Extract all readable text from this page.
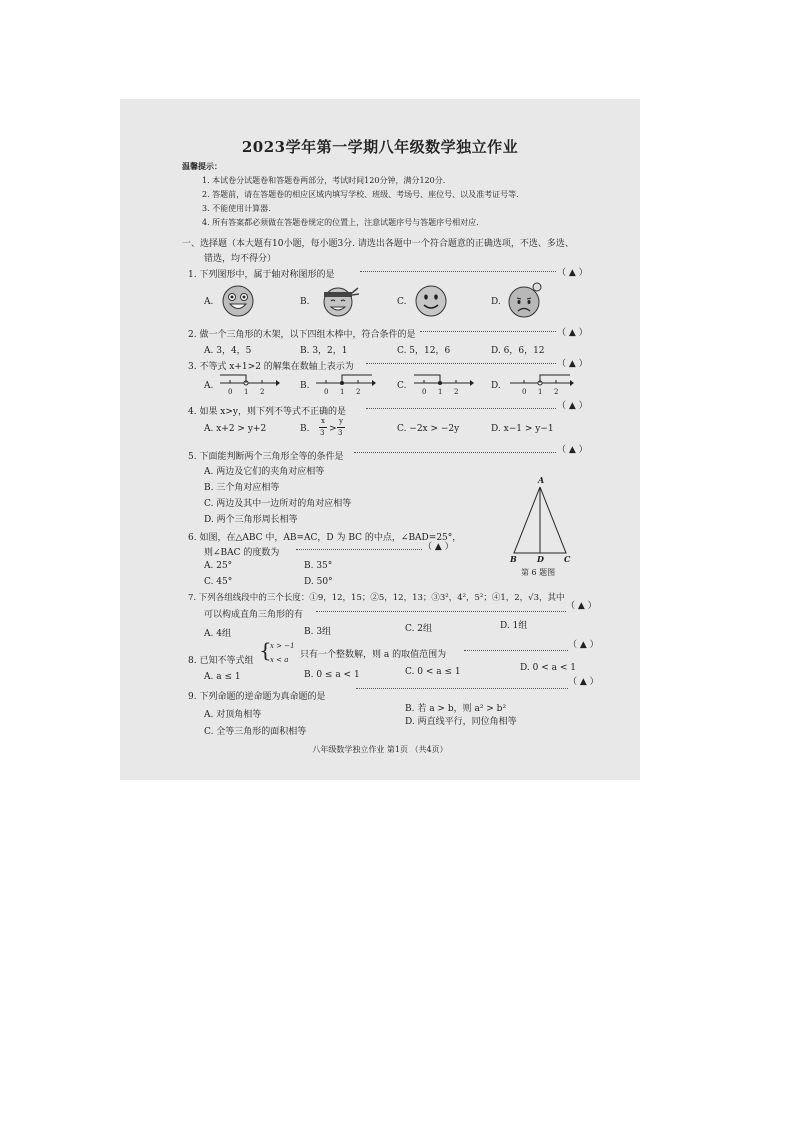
2023学年第一学期八年级数学独立作业
温馨提示：
1. 本试卷分试题卷和答题卷两部分，考试时间120分钟，满分120分.
2. 答题前，请在答题卷的相应区域内填写学校、班级、考场号、座位号、以及准考证号等.
3. 不能使用计算器.
4. 所有答案都必须做在答题卷规定的位置上，注意试题序号与答题序号相对应.
一、选择题（本大题有10小题，每小题3分. 请选出各题中一个符合题意的正确选项，不选、多选、
错选，均不得分）
1. 下列图形中，属于轴对称图形的是	（ ▲ ）
A.	B.	C.	D.
2. 做一个三角形的木架，以下四组木棒中，符合条件的是	（ ▲ ）
A. 3，4，5	B. 3，2，1	C. 5，12，6	D. 6，6，12
3. 不等式 x+1>2 的解集在数轴上表示为	（ ▲ ）
A.
0 1 2
B.
0 1 2
C.
0 1 2
D.
0 1 2
4. 如果 x>y，则下列不等式不正确的是
（ ▲ ）
A. x+2 > y+2	B.
x
3 >
y
3	C. −2x > −2y	D. x−1 > y−1
5. 下面能判断两个三角形全等的条件是
（ ▲ ）
A. 两边及它们的夹角对应相等
B. 三个角对应相等
C. 两边及其中一边所对的角对应相等
D. 两个三角形周长相等
A
B	D	C
第 6 题图
6. 如图，在△ABC 中，AB=AC，D 为 BC 的中点，∠BAD=25°，
则∠BAC 的度数为
（ ▲ ）
A. 25°	B. 35°
C. 45°	D. 50°
7. 下列各组线段中的三个长度：①9，12，15；②5，12，13；③3²，4²，5²；④1，2，√3，其中
可以构成直角三角形的有
（ ▲ ）
A. 4组	B. 3组	C. 2组	D. 1组
8. 已知不等式组 {
x > −1
x < a 只有一个整数解，则 a 的取值范围为
（ ▲ ）
A. a ≤ 1	B. 0 ≤ a < 1	C. 0 < a ≤ 1	D. 0 < a < 1
9. 下列命题的逆命题为真命题的是
（ ▲ ）
A. 对顶角相等
B. 若 a > b，则 a² > b²
C. 全等三角形的面积相等
D. 两直线平行，同位角相等
八年级数学独立作业 第1页 （共4页）
